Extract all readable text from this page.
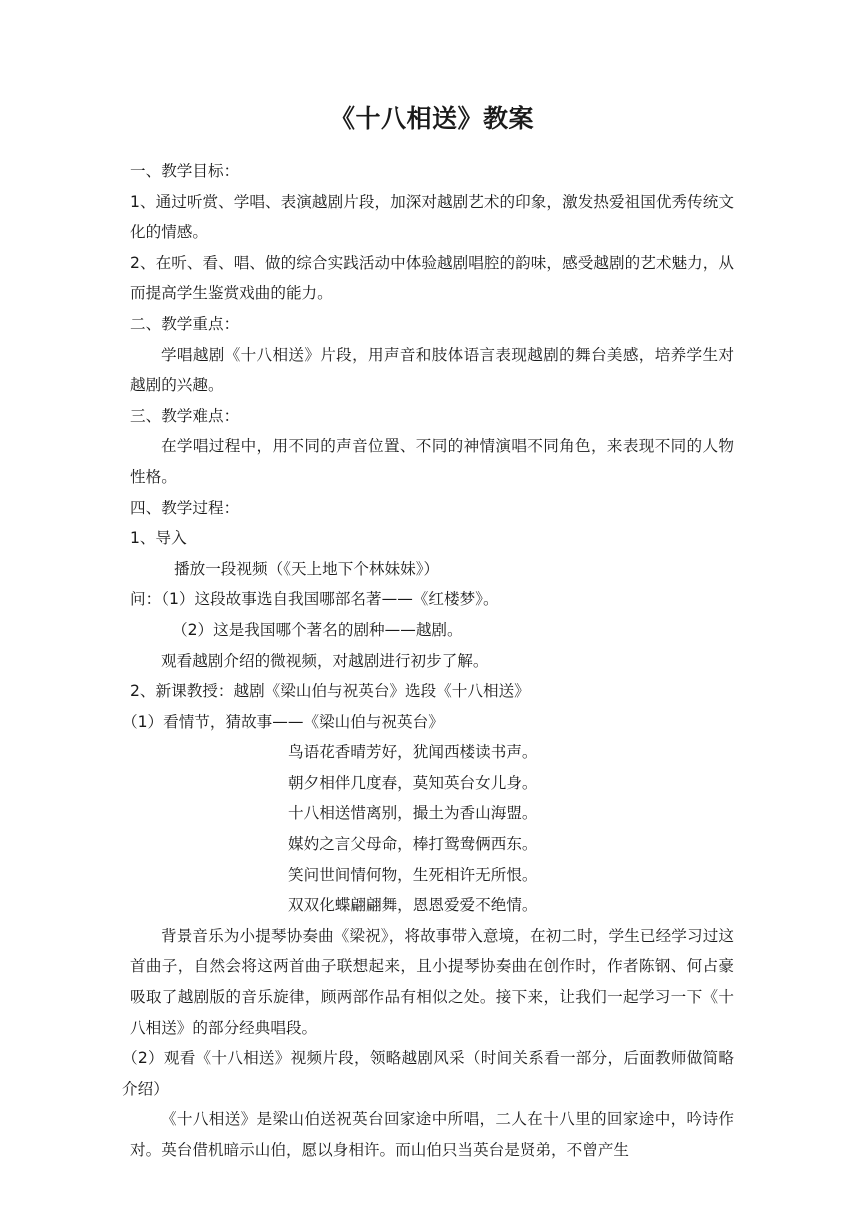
《十八相送》教案
一、教学目标：
1、通过听赏、学唱、表演越剧片段，加深对越剧艺术的印象，激发热爱祖国优秀传统文化的情感。
2、在听、看、唱、做的综合实践活动中体验越剧唱腔的韵味，感受越剧的艺术魅力，从而提高学生鉴赏戏曲的能力。
二、教学重点：
学唱越剧《十八相送》片段，用声音和肢体语言表现越剧的舞台美感，培养学生对越剧的兴趣。
三、教学难点：
在学唱过程中，用不同的声音位置、不同的神情演唱不同角色，来表现不同的人物性格。
四、教学过程：
1、导入
播放一段视频（《天上地下个林妹妹》）
问：（1）这段故事选自我国哪部名著——《红楼梦》。
（2）这是我国哪个著名的剧种——越剧。
观看越剧介绍的微视频，对越剧进行初步了解。
2、新课教授：越剧《梁山伯与祝英台》选段《十八相送》
（1）看情节，猜故事——《梁山伯与祝英台》
鸟语花香晴芳好，犹闻西楼读书声。
朝夕相伴几度春，莫知英台女儿身。
十八相送惜离别，撮土为香山海盟。
媒妁之言父母命，棒打鸳鸯俩西东。
笑问世间情何物，生死相许无所恨。
双双化蝶翩翩舞，恩恩爱爱不绝情。
背景音乐为小提琴协奏曲《梁祝》，将故事带入意境，在初二时，学生已经学习过这首曲子，自然会将这两首曲子联想起来，且小提琴协奏曲在创作时，作者陈钢、何占豪吸取了越剧版的音乐旋律，顾两部作品有相似之处。接下来，让我们一起学习一下《十八相送》的部分经典唱段。
（2）观看《十八相送》视频片段，领略越剧风采（时间关系看一部分，后面教师做简略介绍）
《十八相送》是梁山伯送祝英台回家途中所唱，二人在十八里的回家途中，吟诗作对。英台借机暗示山伯，愿以身相许。而山伯只当英台是贤弟，不曾产生
